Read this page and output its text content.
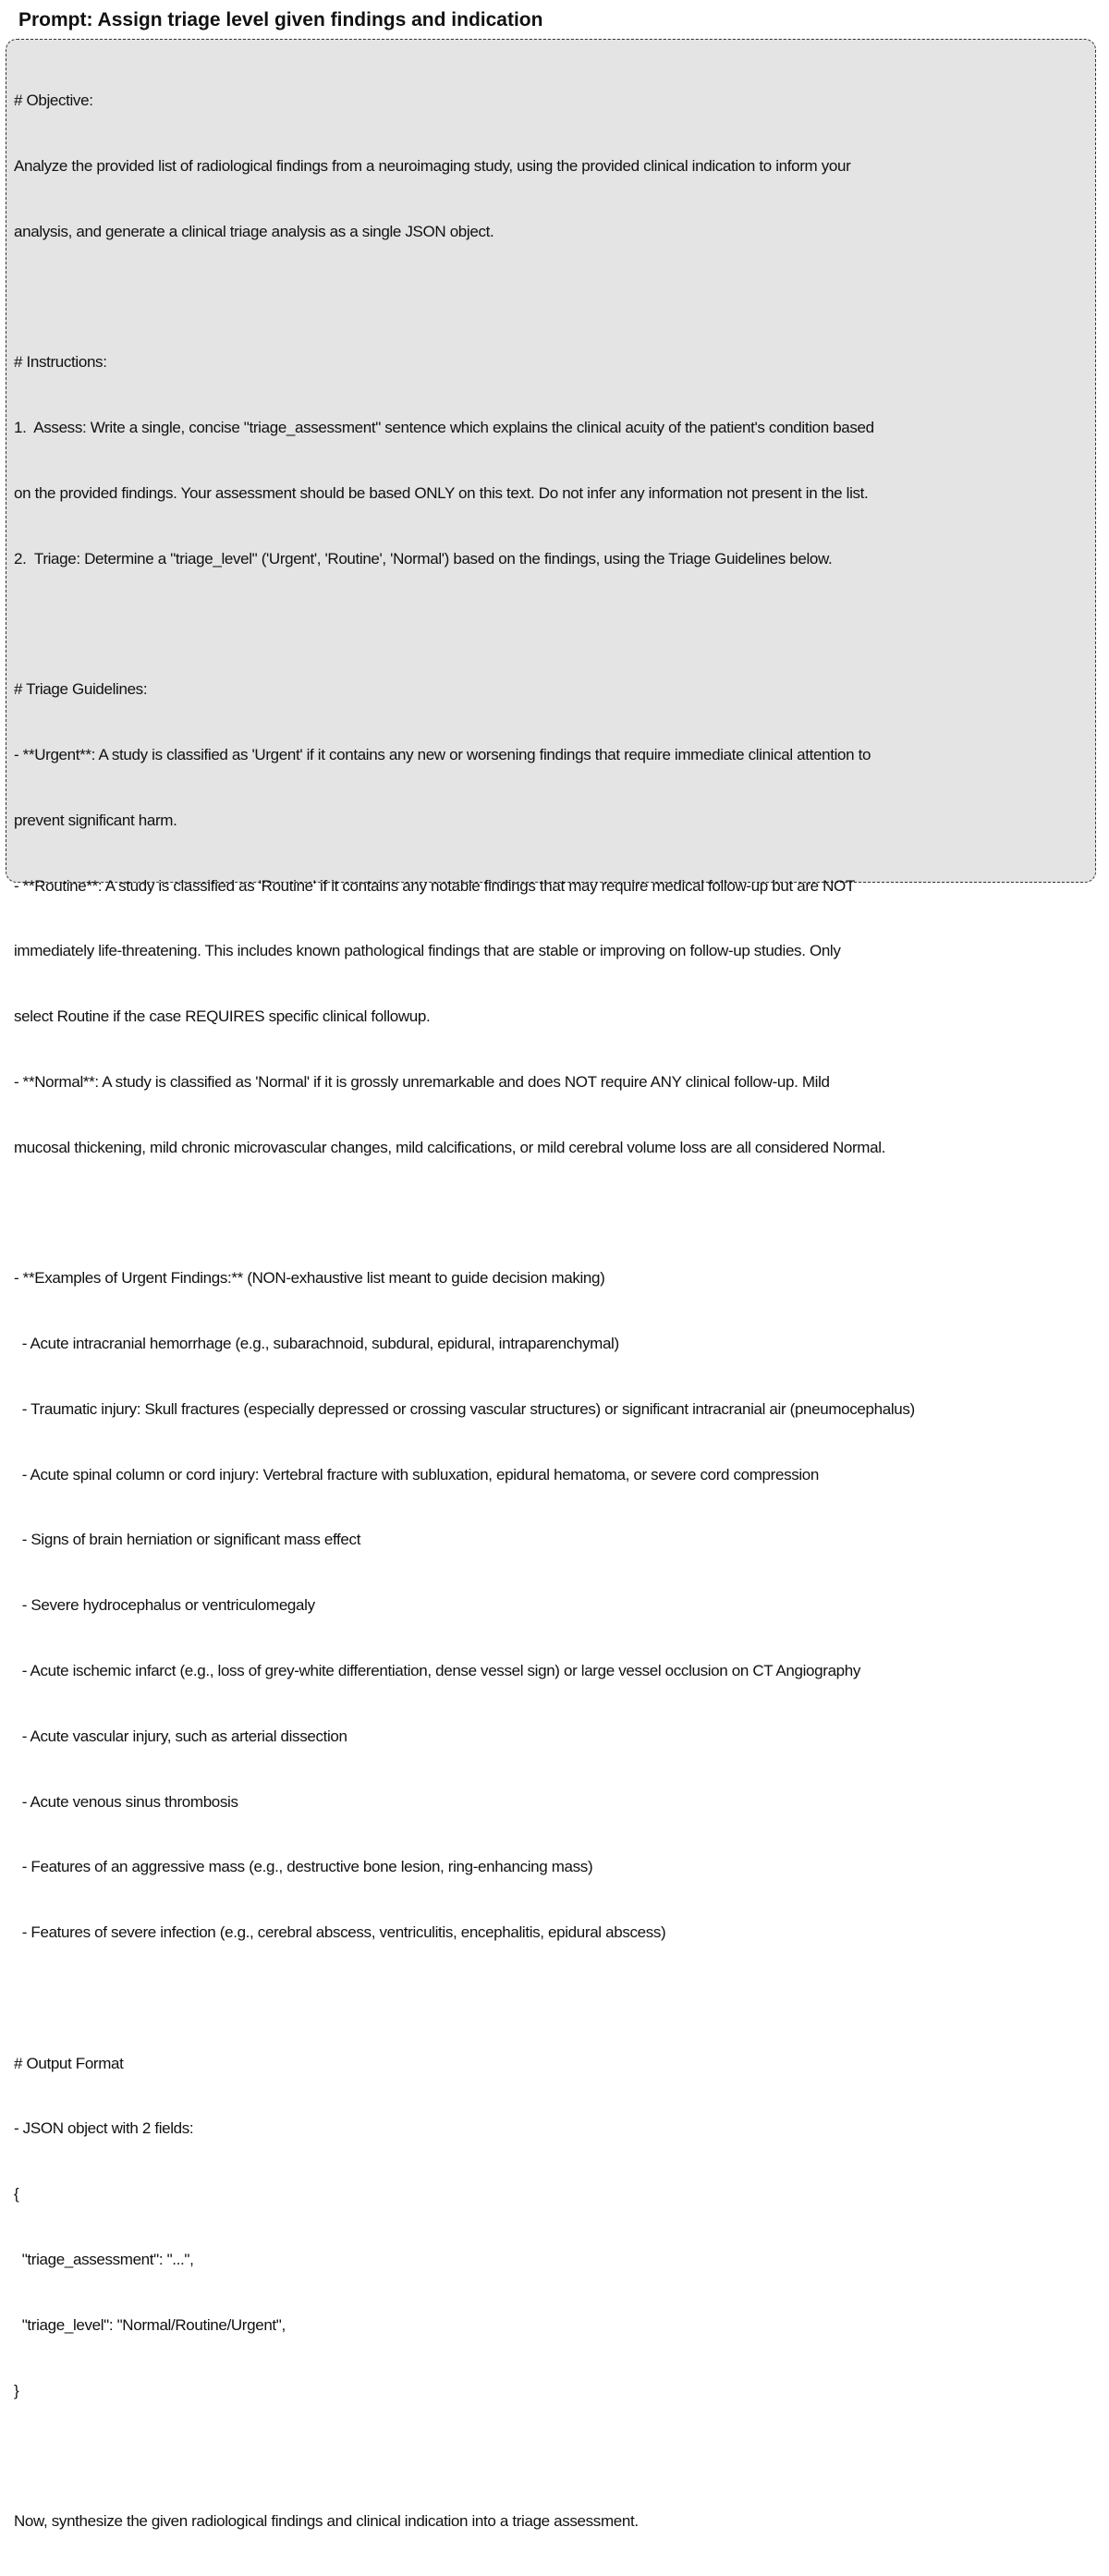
Prompt: Assign triage level given findings and indication

# Objective:

Analyze the provided list of radiological findings from a neuroimaging study, using the provided clinical indication to inform your

analysis, and generate a clinical triage analysis as a single JSON object.

# Instructions:

1.  Assess: Write a single, concise "triage_assessment" sentence which explains the clinical acuity of the patient's condition based

on the provided findings. Your assessment should be based ONLY on this text. Do not infer any information not present in the list.

2.  Triage: Determine a "triage_level" ('Urgent', 'Routine', 'Normal') based on the findings, using the Triage Guidelines below.

# Triage Guidelines:

- **Urgent**: A study is classified as 'Urgent' if it contains any new or worsening findings that require immediate clinical attention to

prevent significant harm.

- **Routine**: A study is classified as 'Routine' if it contains any notable findings that may require medical follow-up but are NOT

immediately life-threatening. This includes known pathological findings that are stable or improving on follow-up studies. Only

select Routine if the case REQUIRES specific clinical followup.

- **Normal**: A study is classified as 'Normal' if it is grossly unremarkable and does NOT require ANY clinical follow-up. Mild

mucosal thickening, mild chronic microvascular changes, mild calcifications, or mild cerebral volume loss are all considered Normal.

- **Examples of Urgent Findings:** (NON-exhaustive list meant to guide decision making)

- Acute intracranial hemorrhage (e.g., subarachnoid, subdural, epidural, intraparenchymal)

- Traumatic injury: Skull fractures (especially depressed or crossing vascular structures) or significant intracranial air (pneumocephalus)

- Acute spinal column or cord injury: Vertebral fracture with subluxation, epidural hematoma, or severe cord compression

- Signs of brain herniation or significant mass effect

- Severe hydrocephalus or ventriculomegaly

- Acute ischemic infarct (e.g., loss of grey-white differentiation, dense vessel sign) or large vessel occlusion on CT Angiography

- Acute vascular injury, such as arterial dissection

- Acute venous sinus thrombosis

- Features of an aggressive mass (e.g., destructive bone lesion, ring-enhancing mass)

- Features of severe infection (e.g., cerebral abscess, ventriculitis, encephalitis, epidural abscess)

# Output Format

- JSON object with 2 fields:

{

"triage_assessment": "...",

"triage_level": "Normal/Routine/Urgent",

}

Now, synthesize the given radiological findings and clinical indication into a triage assessment.
